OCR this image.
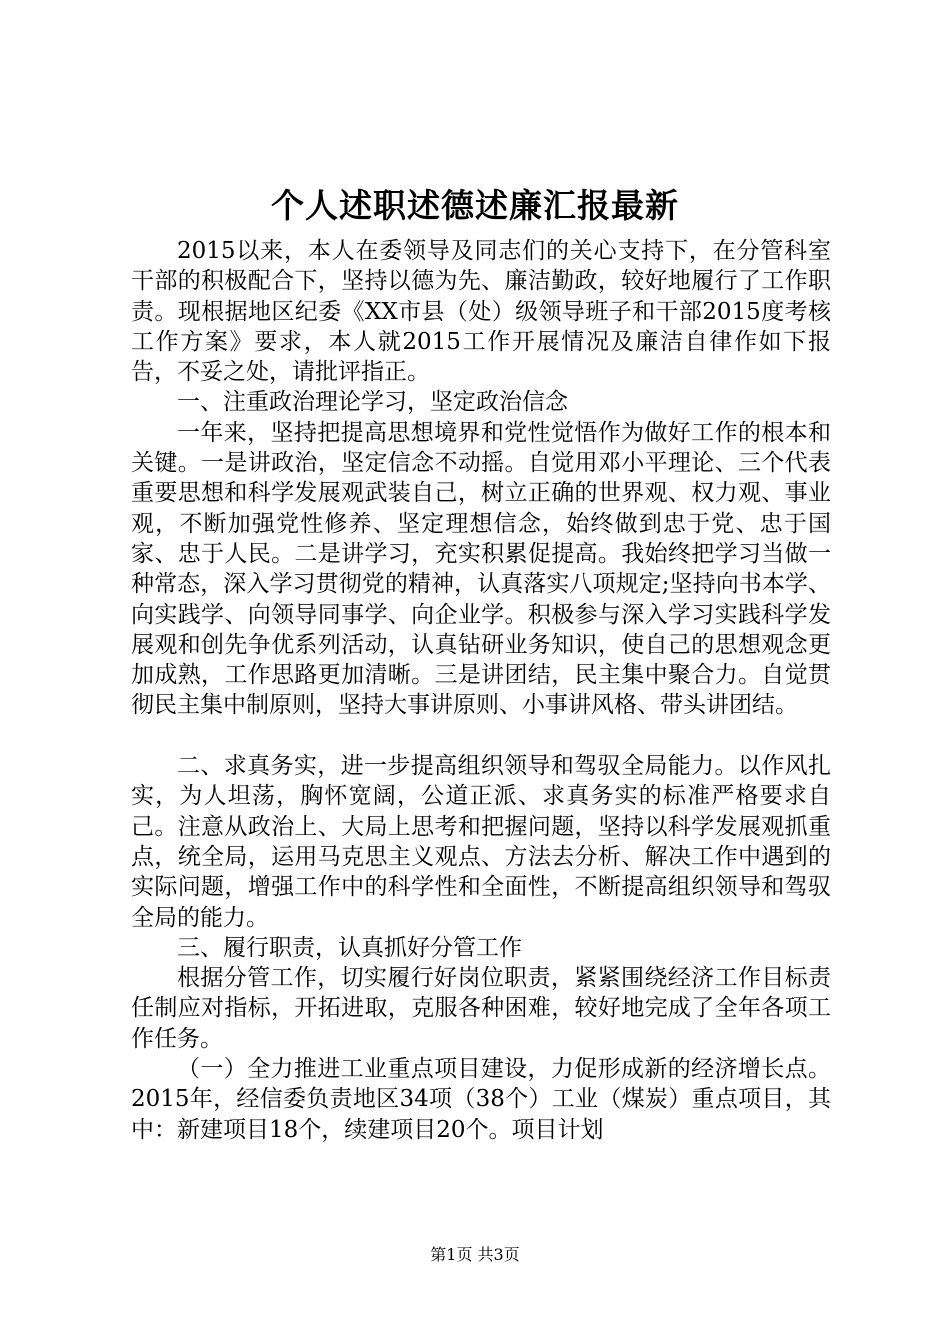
个人述职述德述廉汇报最新

2015以来，本人在委领导及同志们的关心支持下，在分管科室干部的积极配合下，坚持以德为先、廉洁勤政，较好地履行了工作职责。现根据地区纪委《XX市县（处）级领导班子和干部2015度考核工作方案》要求，本人就2015工作开展情况及廉洁自律作如下报告，不妥之处，请批评指正。

一、注重政治理论学习，坚定政治信念

一年来，坚持把提高思想境界和党性觉悟作为做好工作的根本和关键。一是讲政治，坚定信念不动摇。自觉用邓小平理论、三个代表重要思想和科学发展观武装自己，树立正确的世界观、权力观、事业观，不断加强党性修养、坚定理想信念，始终做到忠于党、忠于国家、忠于人民。二是讲学习，充实积累促提高。我始终把学习当做一种常态，深入学习贯彻党的精神，认真落实八项规定;坚持向书本学、向实践学、向领导同事学、向企业学。积极参与深入学习实践科学发展观和创先争优系列活动，认真钻研业务知识，使自己的思想观念更加成熟，工作思路更加清晰。三是讲团结，民主集中聚合力。自觉贯彻民主集中制原则，坚持大事讲原则、小事讲风格、带头讲团结。

二、求真务实，进一步提高组织领导和驾驭全局能力。以作风扎实，为人坦荡，胸怀宽阔，公道正派、求真务实的标准严格要求自己。注意从政治上、大局上思考和把握问题，坚持以科学发展观抓重点，统全局，运用马克思主义观点、方法去分析、解决工作中遇到的实际问题，增强工作中的科学性和全面性，不断提高组织领导和驾驭全局的能力。

三、履行职责，认真抓好分管工作

根据分管工作，切实履行好岗位职责，紧紧围绕经济工作目标责任制应对指标，开拓进取，克服各种困难，较好地完成了全年各项工作任务。

（一）全力推进工业重点项目建设，力促形成新的经济增长点。2015年，经信委负责地区34项（38个）工业（煤炭）重点项目，其中：新建项目18个，续建项目20个。项目计划

第1页 共3页
